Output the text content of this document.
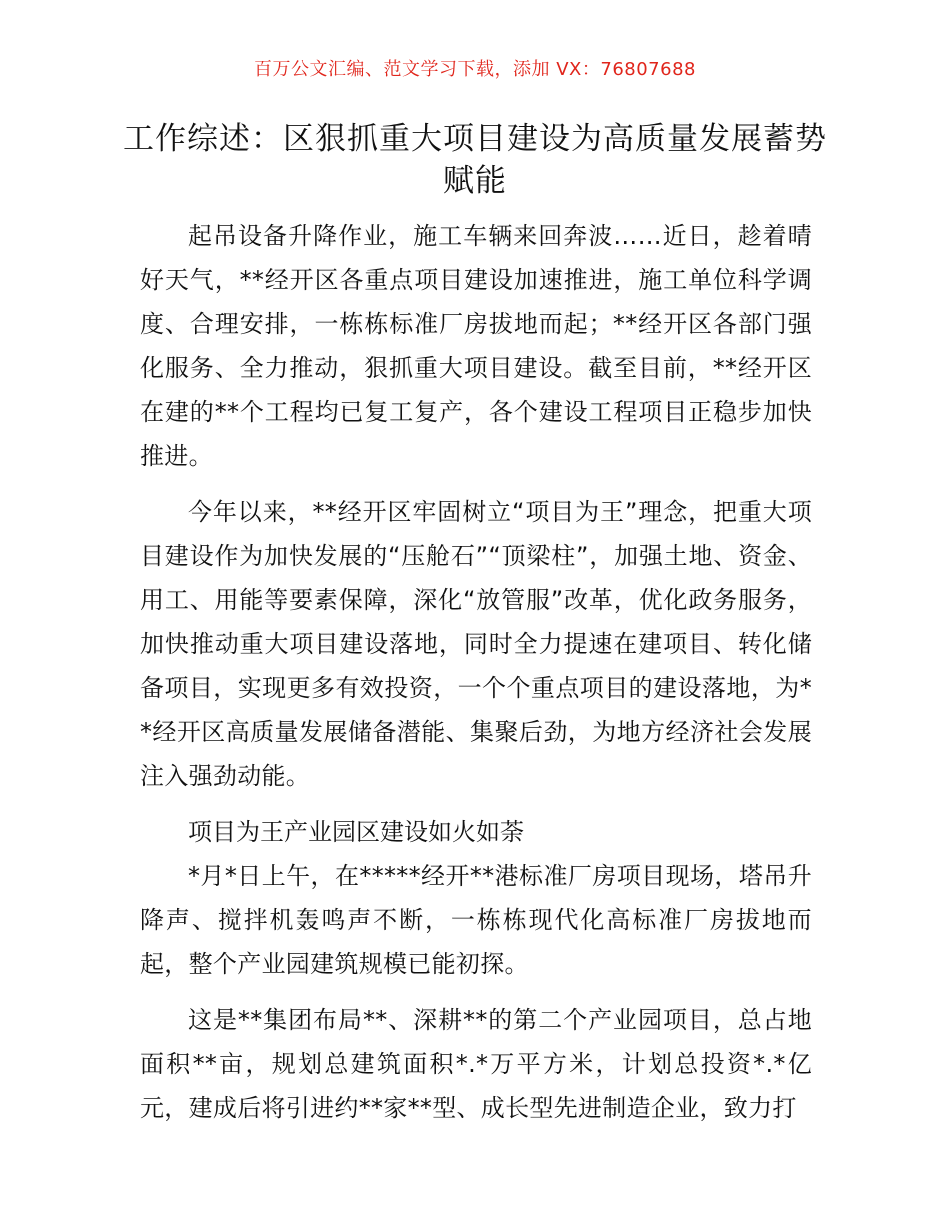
百万公文汇编、范文学习下载，添加 VX：76807688
工作综述：区狠抓重大项目建设为高质量发展蓄势赋能

起吊设备升降作业，施工车辆来回奔波……近日，趁着晴好天气，**经开区各重点项目建设加速推进，施工单位科学调度、合理安排，一栋栋标准厂房拔地而起；**经开区各部门强化服务、全力推动，狠抓重大项目建设。截至目前，**经开区在建的**个工程均已复工复产，各个建设工程项目正稳步加快推进。

今年以来，**经开区牢固树立“项目为王”理念，把重大项目建设作为加快发展的“压舱石”“顶梁柱”，加强土地、资金、用工、用能等要素保障，深化“放管服”改革，优化政务服务，加快推动重大项目建设落地，同时全力提速在建项目、转化储备项目，实现更多有效投资，一个个重点项目的建设落地，为**经开区高质量发展储备潜能、集聚后劲，为地方经济社会发展注入强劲动能。

项目为王产业园区建设如火如荼

*月*日上午，在*****经开**港标准厂房项目现场，塔吊升降声、搅拌机轰鸣声不断，一栋栋现代化高标准厂房拔地而起，整个产业园建筑规模已能初探。

这是**集团布局**、深耕**的第二个产业园项目，总占地面积**亩，规划总建筑面积*.*万平方米，计划总投资*.*亿元，建成后将引进约**家**型、成长型先进制造企业，致力打
